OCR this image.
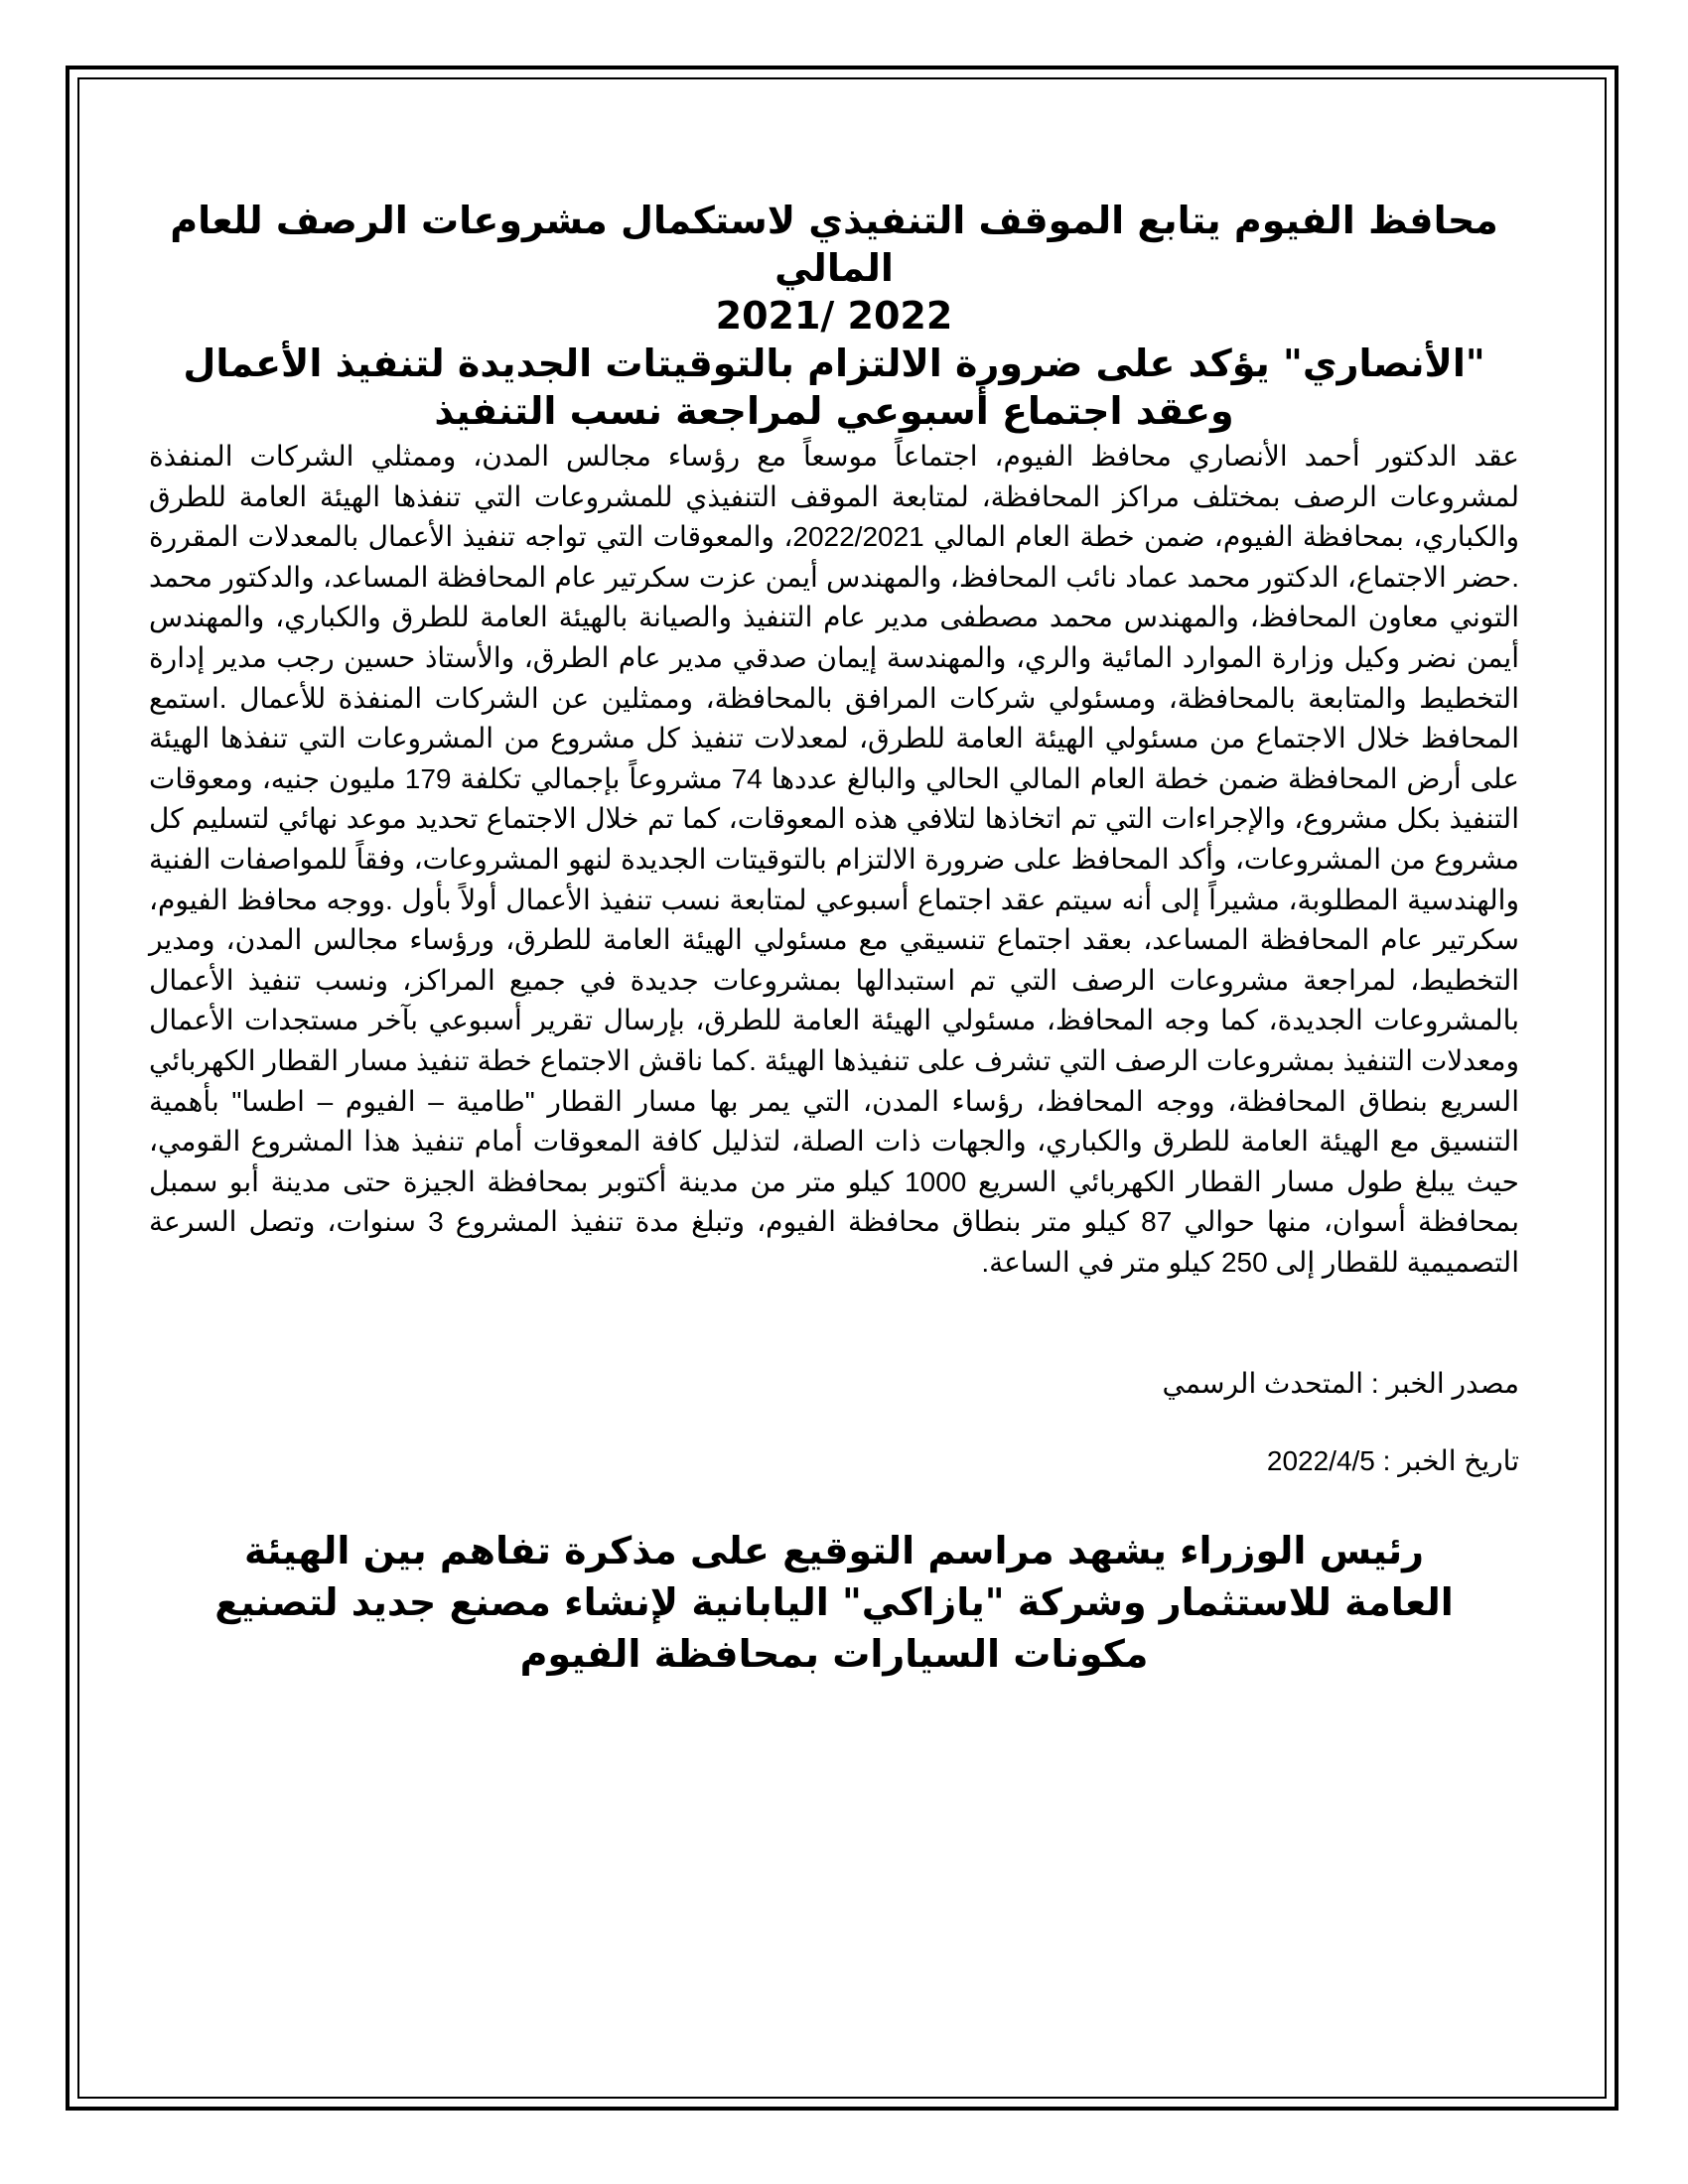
محافظ الفيوم يتابع الموقف التنفيذي لاستكمال مشروعات الرصف للعام المالي
2021/ 2022
"الأنصاري" يؤكد على ضرورة الالتزام بالتوقيتات الجديدة لتنفيذ الأعمال وعقد اجتماع أسبوعي لمراجعة نسب التنفيذ

عقد الدكتور أحمد الأنصاري محافظ الفيوم، اجتماعاً موسعاً مع رؤساء مجالس المدن، وممثلي الشركات المنفذة لمشروعات الرصف بمختلف مراكز المحافظة، لمتابعة الموقف التنفيذي للمشروعات التي تنفذها الهيئة العامة للطرق والكباري، بمحافظة الفيوم، ضمن خطة العام المالي 2022/2021، والمعوقات التي تواجه تنفيذ الأعمال بالمعدلات المقررة .حضر الاجتماع، الدكتور محمد عماد نائب المحافظ، والمهندس أيمن عزت سكرتير عام المحافظة المساعد، والدكتور محمد التوني معاون المحافظ، والمهندس محمد مصطفى مدير عام التنفيذ والصيانة بالهيئة العامة للطرق والكباري، والمهندس أيمن نضر وكيل وزارة الموارد المائية والري، والمهندسة إيمان صدقي مدير عام الطرق، والأستاذ حسين رجب مدير إدارة التخطيط والمتابعة بالمحافظة، ومسئولي شركات المرافق بالمحافظة، وممثلين عن الشركات المنفذة للأعمال .استمع المحافظ خلال الاجتماع من مسئولي الهيئة العامة للطرق، لمعدلات تنفيذ كل مشروع من المشروعات التي تنفذها الهيئة على أرض المحافظة ضمن خطة العام المالي الحالي والبالغ عددها 74 مشروعاً بإجمالي تكلفة 179 مليون جنيه، ومعوقات التنفيذ بكل مشروع، والإجراءات التي تم اتخاذها لتلافي هذه المعوقات، كما تم خلال الاجتماع تحديد موعد نهائي لتسليم كل مشروع من المشروعات، وأكد المحافظ على ضرورة الالتزام بالتوقيتات الجديدة لنهو المشروعات، وفقاً للمواصفات الفنية والهندسية المطلوبة، مشيراً إلى أنه سيتم عقد اجتماع أسبوعي لمتابعة نسب تنفيذ الأعمال أولاً بأول .ووجه محافظ الفيوم، سكرتير عام المحافظة المساعد، بعقد اجتماع تنسيقي مع مسئولي الهيئة العامة للطرق، ورؤساء مجالس المدن، ومدير التخطيط، لمراجعة مشروعات الرصف التي تم استبدالها بمشروعات جديدة في جميع المراكز، ونسب تنفيذ الأعمال بالمشروعات الجديدة، كما وجه المحافظ، مسئولي الهيئة العامة للطرق، بإرسال تقرير أسبوعي بآخر مستجدات الأعمال ومعدلات التنفيذ بمشروعات الرصف التي تشرف على تنفيذها الهيئة .كما ناقش الاجتماع خطة تنفيذ مسار القطار الكهربائي السريع بنطاق المحافظة، ووجه المحافظ، رؤساء المدن، التي يمر بها مسار القطار "طامية – الفيوم – اطسا" بأهمية التنسيق مع الهيئة العامة للطرق والكباري، والجهات ذات الصلة، لتذليل كافة المعوقات أمام تنفيذ هذا المشروع القومي، حيث يبلغ طول مسار القطار الكهربائي السريع 1000 كيلو متر من مدينة أكتوبر بمحافظة الجيزة حتى مدينة أبو سمبل بمحافظة أسوان، منها حوالي 87 كيلو متر بنطاق محافظة الفيوم، وتبلغ مدة تنفيذ المشروع 3 سنوات، وتصل السرعة التصميمية للقطار إلى 250 كيلو متر في الساعة.

مصدر الخبر : المتحدث الرسمي

تاريخ الخبر : 2022/4/5

رئيس الوزراء يشهد مراسم التوقيع على مذكرة تفاهم بين الهيئة العامة للاستثمار وشركة "يازاكي" اليابانية لإنشاء مصنع جديد لتصنيع مكونات السيارات بمحافظة الفيوم
